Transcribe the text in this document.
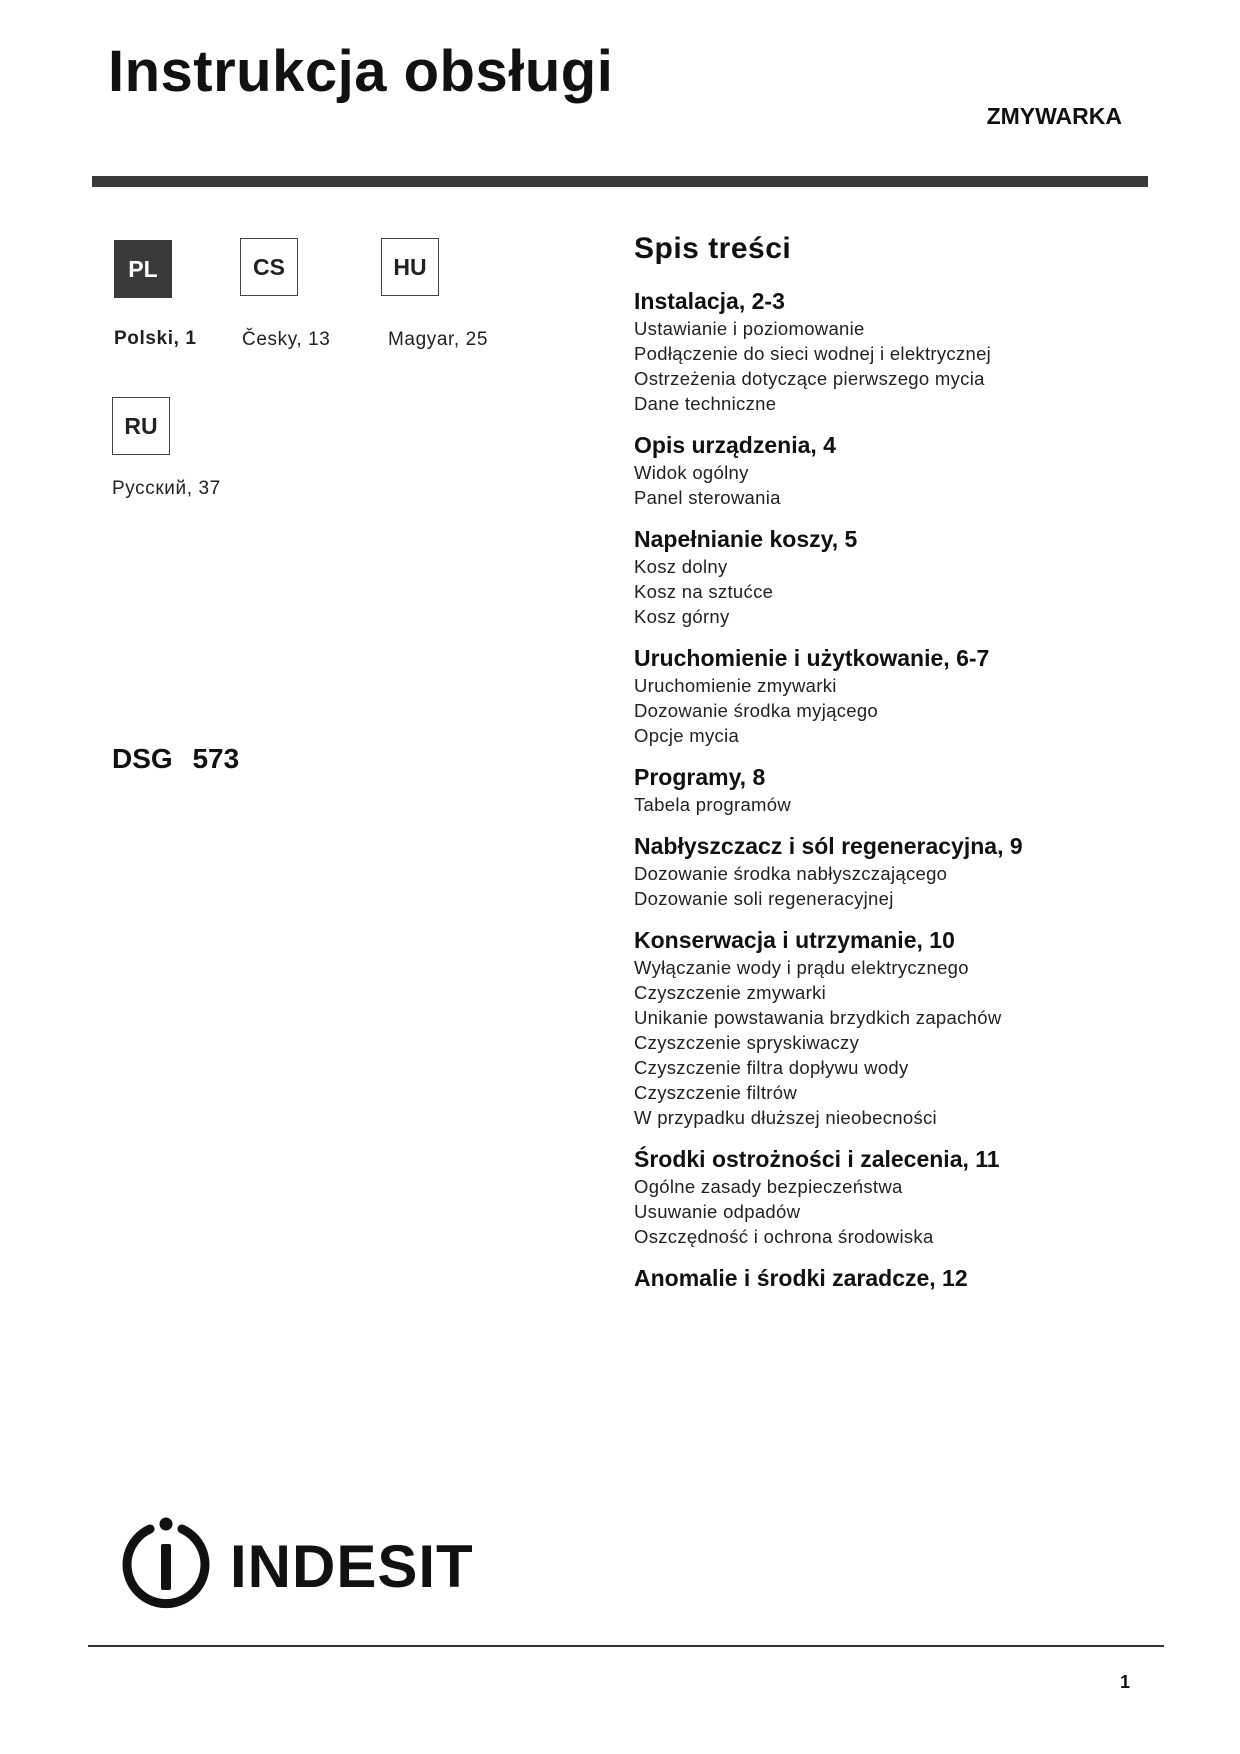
Instrukcja obsługi
ZMYWARKA
PL
Polski, 1
CS
Česky, 13
HU
Magyar, 25
RU
Русский, 37
DSG 573
Spis treści
Instalacja, 2-3
Ustawianie i poziomowanie
Podłączenie do sieci wodnej i elektrycznej
Ostrzeżenia dotyczące pierwszego mycia
Dane techniczne
Opis urządzenia, 4
Widok ogólny
Panel sterowania
Napełnianie koszy, 5
Kosz dolny
Kosz na sztućce
Kosz górny
Uruchomienie i użytkowanie, 6-7
Uruchomienie zmywarki
Dozowanie środka myjącego
Opcje mycia
Programy, 8
Tabela programów
Nabłyszczacz i sól regeneracyjna, 9
Dozowanie środka nabłyszczającego
Dozowanie soli regeneracyjnej
Konserwacja i utrzymanie, 10
Wyłączanie wody i prądu elektrycznego
Czyszczenie zmywarki
Unikanie powstawania brzydkich zapachów
Czyszczenie spryskiwaczy
Czyszczenie filtra dopływu wody
Czyszczenie filtrów
W przypadku dłuższej nieobecności
Środki ostrożności i zalecenia, 11
Ogólne zasady bezpieczeństwa
Usuwanie odpadów
Oszczędność i ochrona środowiska
Anomalie i środki zaradcze, 12
INDESIT
1
